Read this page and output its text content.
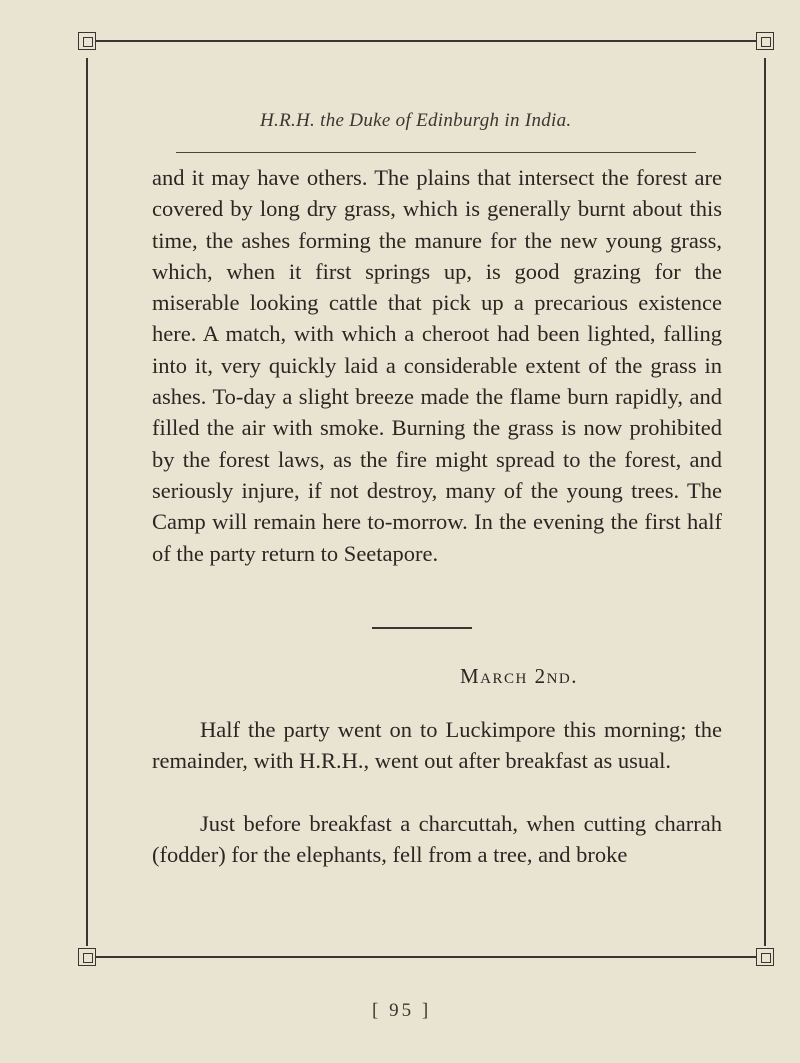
H.R.H. the Duke of Edinburgh in India.

and it may have others. The plains that intersect the forest are covered by long dry grass, which is generally burnt about this time, the ashes forming the manure for the new young grass, which, when it first springs up, is good grazing for the miserable looking cattle that pick up a precarious existence here. A match, with which a cheroot had been lighted, falling into it, very quickly laid a considerable extent of the grass in ashes. To-day a slight breeze made the flame burn rapidly, and filled the air with smoke. Burning the grass is now prohibited by the forest laws, as the fire might spread to the forest, and seriously injure, if not destroy, many of the young trees. The Camp will remain here to-morrow. In the evening the first half of the party return to Seetapore.

March 2nd.

Half the party went on to Luckimpore this morning; the remainder, with H.R.H., went out after breakfast as usual.

Just before breakfast a charcuttah, when cutting charrah (fodder) for the elephants, fell from a tree, and broke

[ 95 ]
